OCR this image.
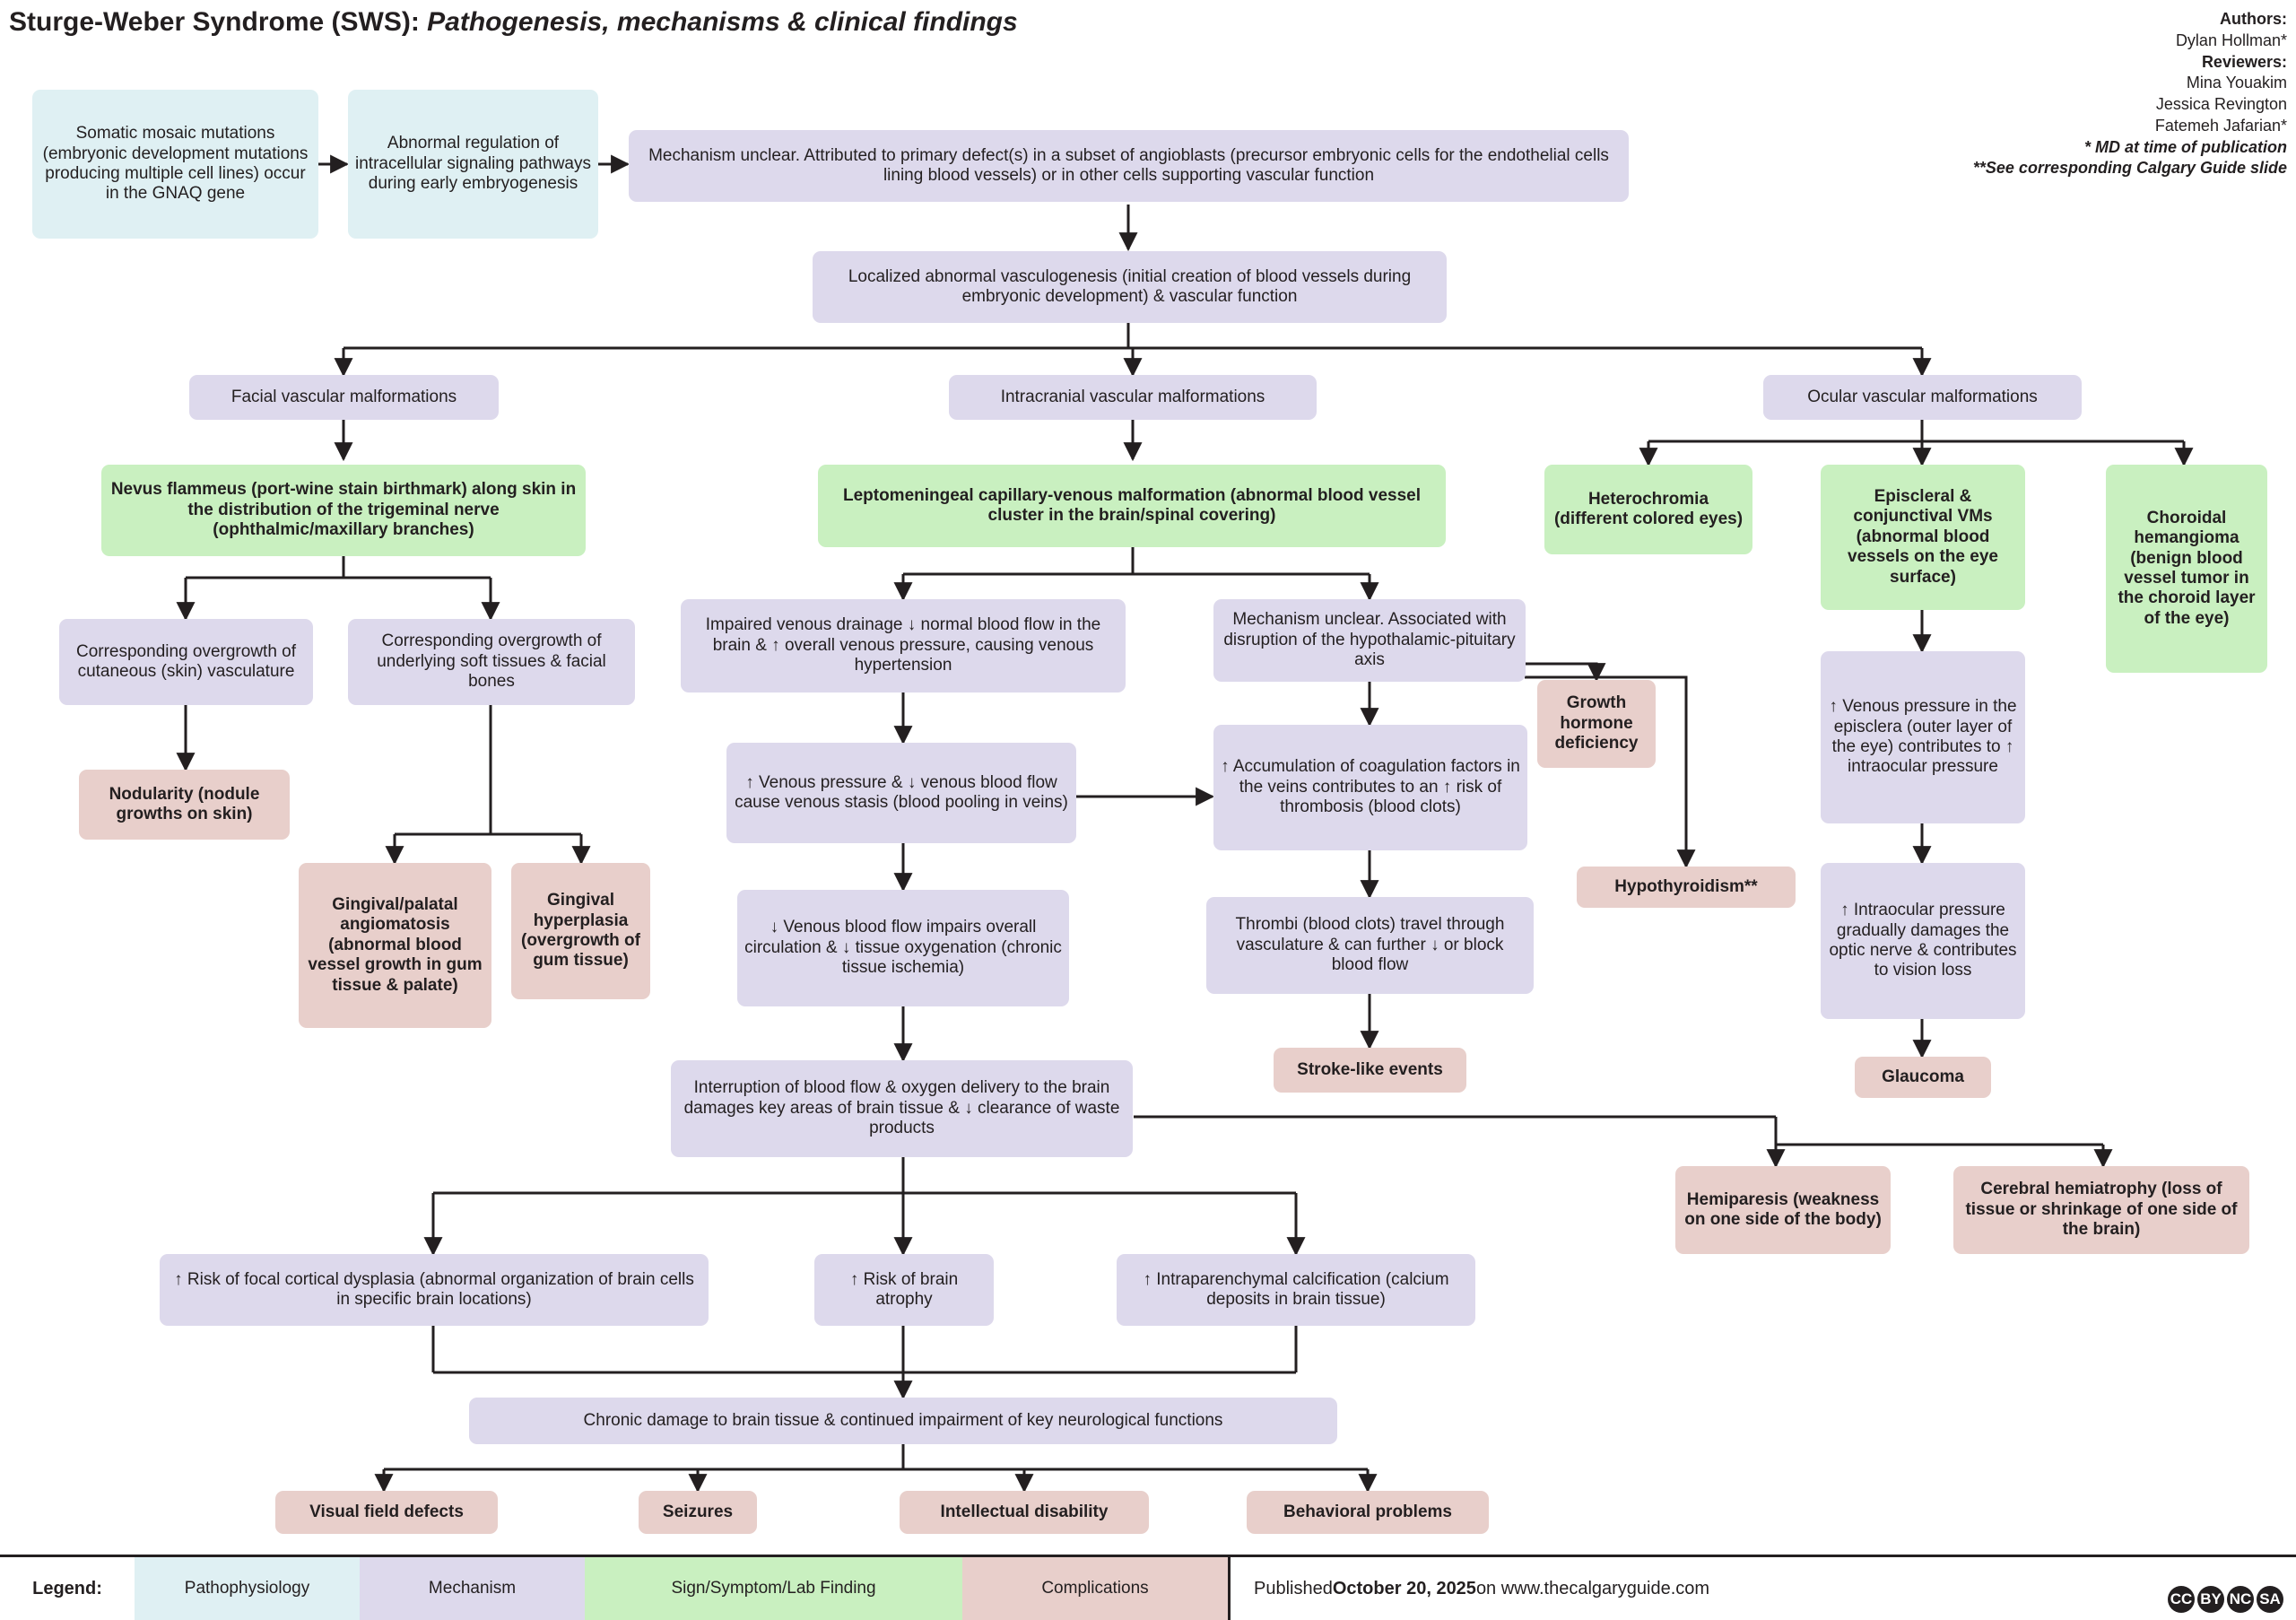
Sturge-Weber Syndrome (SWS): Pathogenesis, mechanisms & clinical findings	Authors:
Dylan Hollman*
Reviewers:
Mina Youakim
Jessica Revington
Fatemeh Jafarian*
* MD at time of publication
**See corresponding Calgary Guide slide
Somatic mosaic mutations (embryonic development mutations producing multiple cell lines) occur in the GNAQ gene
Abnormal regulation of intracellular signaling pathways during early embryogenesis
Mechanism unclear. Attributed to primary defect(s) in a subset of angioblasts (precursor embryonic cells for the endothelial cells lining blood vessels) or in other cells supporting vascular function
Localized abnormal vasculogenesis (initial creation of blood vessels during embryonic development) & vascular function
Facial vascular malformations	Intracranial vascular malformations	Ocular vascular malformations
Nevus flammeus (port-wine stain birthmark) along skin in the distribution of the trigeminal nerve (ophthalmic/maxillary branches)
Leptomeningeal capillary-venous malformation (abnormal blood vessel cluster in the brain/spinal covering)
Heterochromia (different colored eyes)
Episcleral & conjunctival VMs (abnormal blood vessels on the eye surface)
Choroidal hemangioma (benign blood vessel tumor in the choroid layer of the eye)
Corresponding overgrowth of cutaneous (skin) vasculature
Corresponding overgrowth of underlying soft tissues & facial bones
Nodularity (nodule growths on skin)
Gingival/palatal angiomatosis (abnormal blood vessel growth in gum tissue & palate)
Gingival hyperplasia (overgrowth of gum tissue)
Impaired venous drainage ↓ normal blood flow in the brain & ↑ overall venous pressure, causing venous hypertension
Mechanism unclear. Associated with disruption of the hypothalamic-pituitary axis
Growth hormone deficiency
Hypothyroidism**
↑ Venous pressure & ↓ venous blood flow cause venous stasis (blood pooling in veins)
↑ Accumulation of coagulation factors in the veins contributes to an ↑ risk of thrombosis (blood clots)
↓ Venous blood flow impairs overall circulation & ↓ tissue oxygenation (chronic tissue ischemia)
Thrombi (blood clots) travel through vasculature & can further ↓ or block blood flow
Stroke-like events
Interruption of blood flow & oxygen delivery to the brain damages key areas of brain tissue & ↓ clearance of waste products
↑ Venous pressure in the episclera (outer layer of the eye) contributes to ↑ intraocular pressure
↑ Intraocular pressure gradually damages the optic nerve & contributes to vision loss
Glaucoma
Hemiparesis (weakness on one side of the body)
Cerebral hemiatrophy (loss of tissue or shrinkage of one side of the brain)
↑ Risk of focal cortical dysplasia (abnormal organization of brain cells in specific brain locations)
↑ Risk of brain atrophy
↑ Intraparenchymal calcification (calcium deposits in brain tissue)
Chronic damage to brain tissue & continued impairment of key neurological functions
Visual field defects	Seizures	Intellectual disability	Behavioral problems
Legend:	Pathophysiology	Mechanism	Sign/Symptom/Lab Finding	Complications	Published October 20, 2025 on www.thecalgaryguide.com
CC BY NC SA
